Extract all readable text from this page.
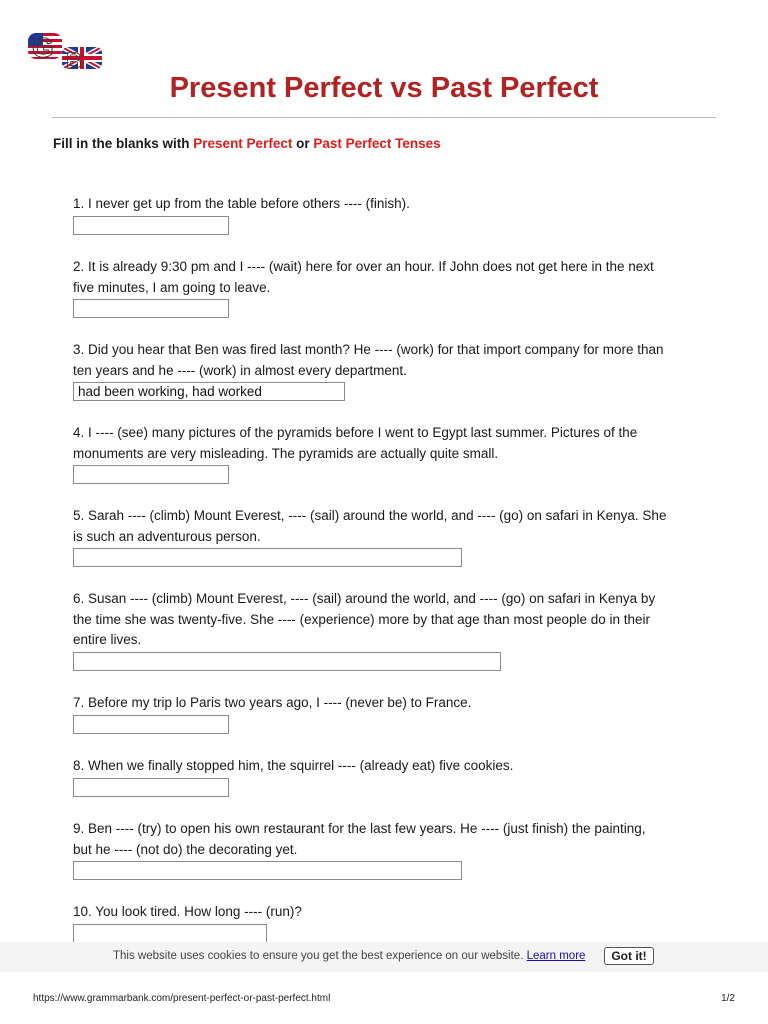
G B
Present Perfect vs Past Perfect
Fill in the blanks with Present Perfect or Past Perfect Tenses
1. I never get up from the table before others ---- (finish).
2. It is already 9:30 pm and I ---- (wait) here for over an hour. If John does not get here in the next
five minutes, I am going to leave.
3. Did you hear that Ben was fired last month? He ---- (work) for that import company for more than
ten years and he ---- (work) in almost every department.
had been working, had worked
4. I ---- (see) many pictures of the pyramids before I went to Egypt last summer. Pictures of the
monuments are very misleading. The pyramids are actually quite small.
5. Sarah ---- (climb) Mount Everest, ---- (sail) around the world, and ---- (go) on safari in Kenya. She
is such an adventurous person.
6. Susan ---- (climb) Mount Everest, ---- (sail) around the world, and ---- (go) on safari in Kenya by
the time she was twenty-five. She ---- (experience) more by that age than most people do in their
entire lives.
7. Before my trip lo Paris two years ago, I ---- (never be) to France.
8. When we finally stopped him, the squirrel ---- (already eat) five cookies.
9. Ben ---- (try) to open his own restaurant for the last few years. He ---- (just finish) the painting,
but he ---- (not do) the decorating yet.
10. You look tired. How long ---- (run)?
This website uses cookies to ensure you get the best experience on our website. Learn more	Got it!
https://www.grammarbank.com/present-perfect-or-past-perfect.html	1/2
